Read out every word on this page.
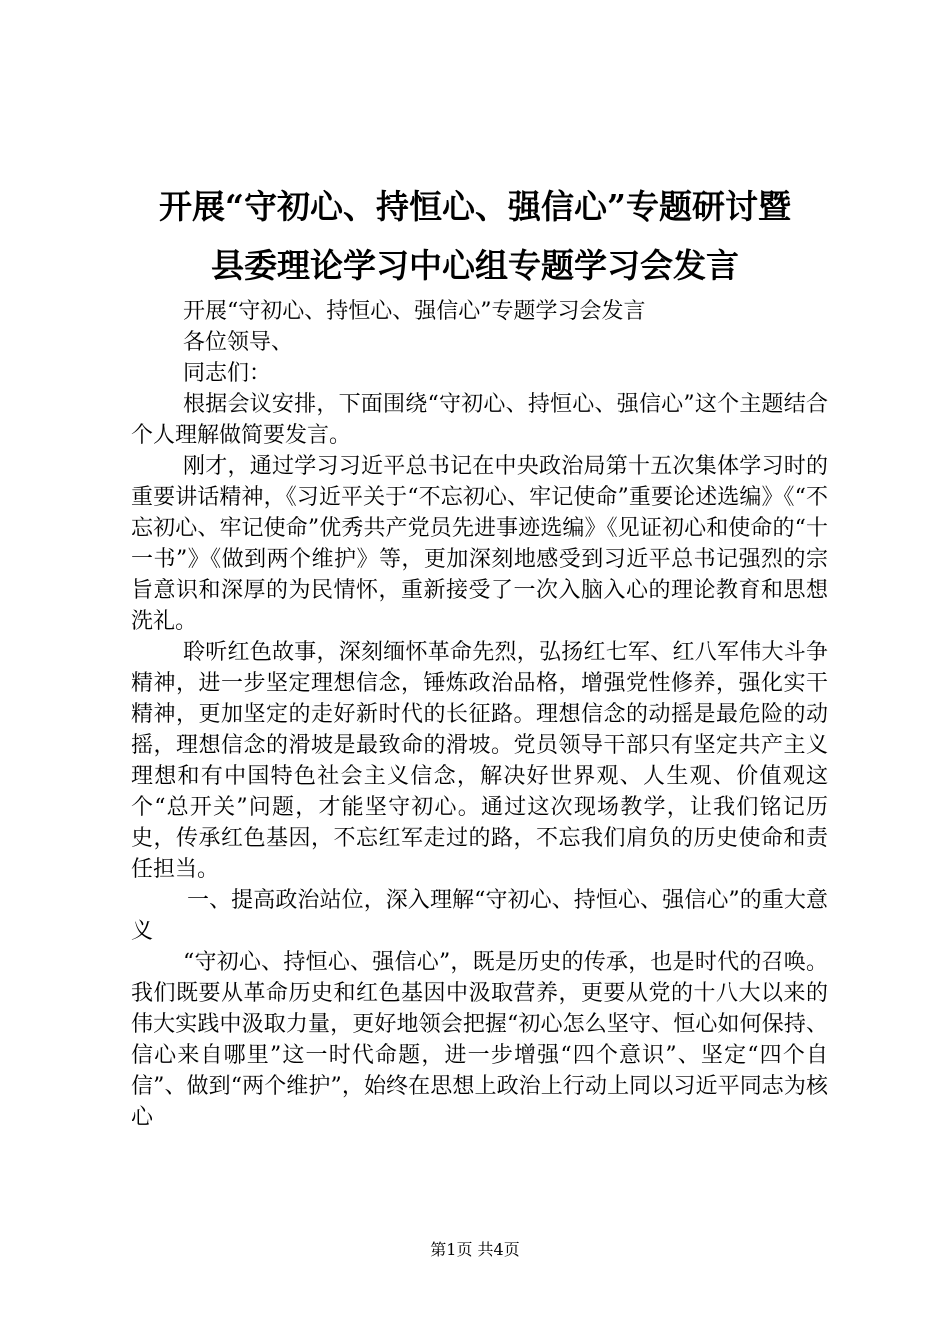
开展“守初心、持恒心、强信心”专题研讨暨
县委理论学习中心组专题学习会发言

开展“守初心、持恒心、强信心”专题学习会发言

各位领导、

同志们：

根据会议安排，下面围绕“守初心、持恒心、强信心”这个主题结合个人理解做简要发言。

刚才，通过学习习近平总书记在中央政治局第十五次集体学习时的重要讲话精神，《习近平关于“不忘初心、牢记使命”重要论述选编》《“不忘初心、牢记使命”优秀共产党员先进事迹选编》《见证初心和使命的“十一书”》《做到两个维护》等，更加深刻地感受到习近平总书记强烈的宗旨意识和深厚的为民情怀，重新接受了一次入脑入心的理论教育和思想洗礼。

聆听红色故事，深刻缅怀革命先烈，弘扬红七军、红八军伟大斗争精神，进一步坚定理想信念，锤炼政治品格，增强党性修养，强化实干精神，更加坚定的走好新时代的长征路。理想信念的动摇是最危险的动摇，理想信念的滑坡是最致命的滑坡。党员领导干部只有坚定共产主义理想和有中国特色社会主义信念，解决好世界观、人生观、价值观这个“总开关”问题，才能坚守初心。通过这次现场教学，让我们铭记历史，传承红色基因，不忘红军走过的路，不忘我们肩负的历史使命和责任担当。

一、提高政治站位，深入理解“守初心、持恒心、强信心”的重大意义

“守初心、持恒心、强信心”，既是历史的传承，也是时代的召唤。我们既要从革命历史和红色基因中汲取营养，更要从党的十八大以来的伟大实践中汲取力量，更好地领会把握“初心怎么坚守、恒心如何保持、信心来自哪里”这一时代命题，进一步增强“四个意识”、坚定“四个自信”、做到“两个维护”，始终在思想上政治上行动上同以习近平同志为核心

第1页 共4页
